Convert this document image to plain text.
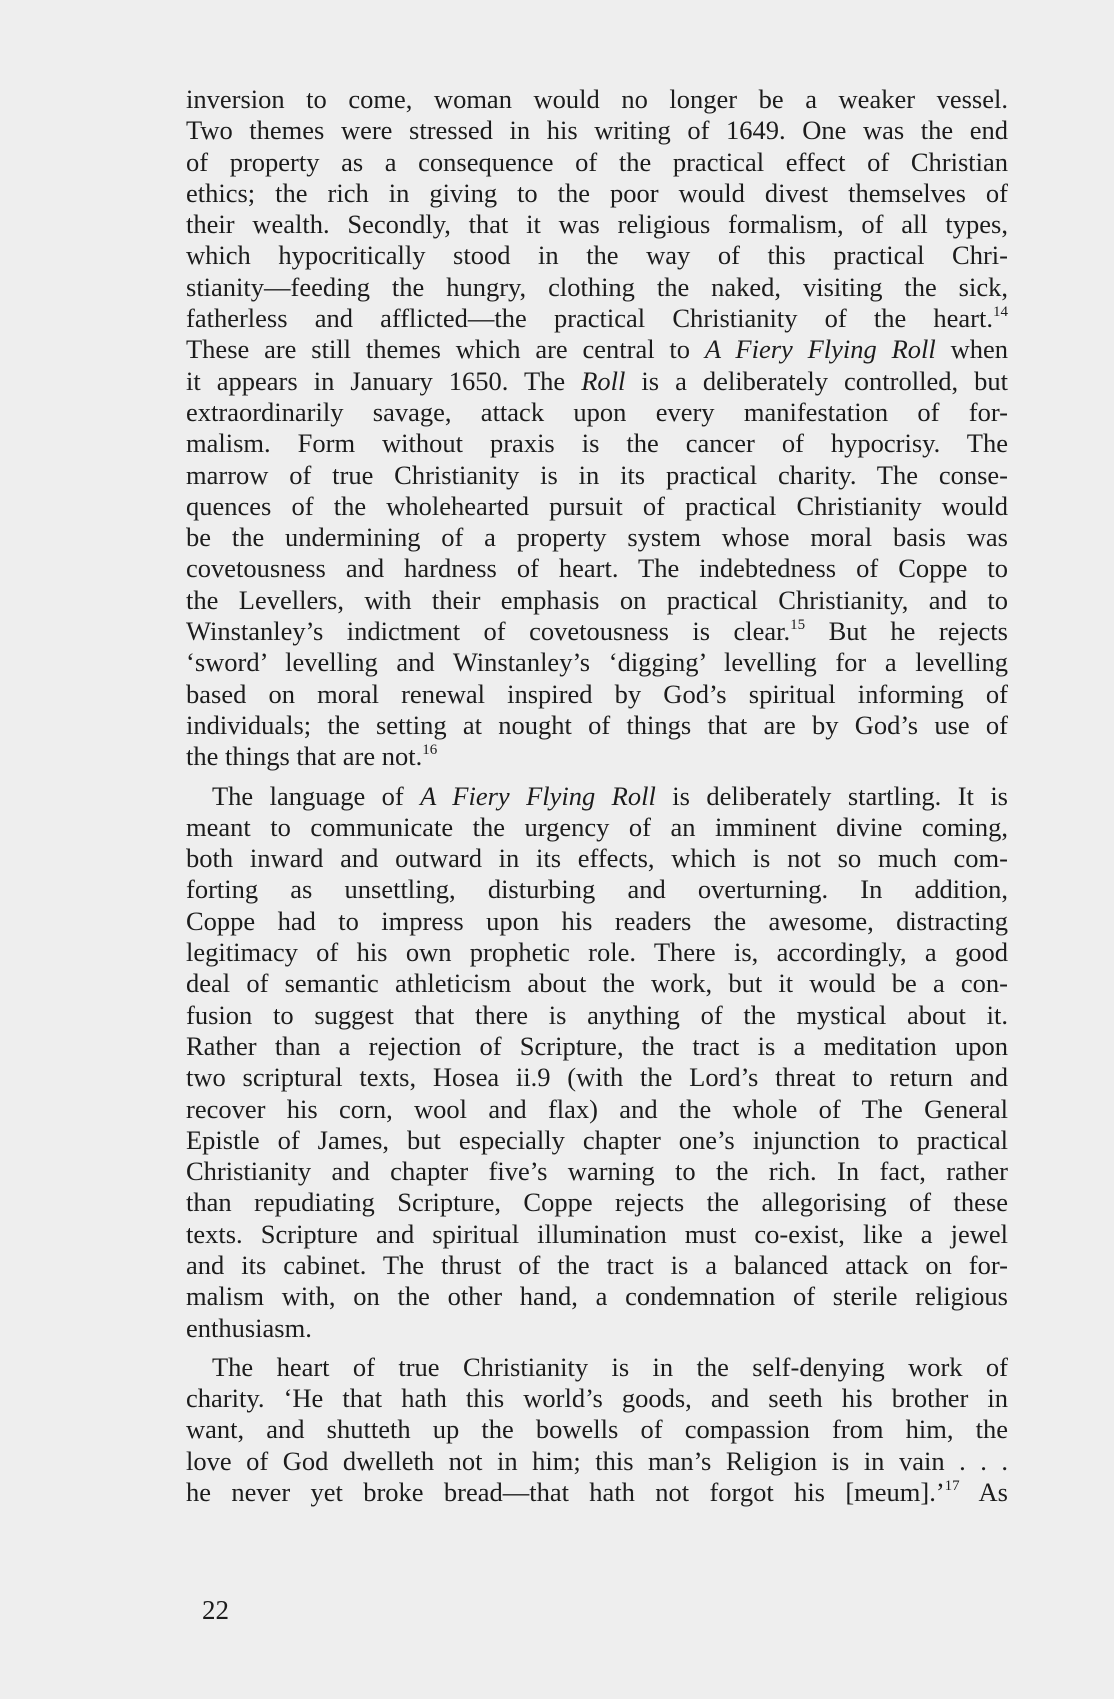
inversion to come, woman would no longer be a weaker vessel.
Two themes were stressed in his writing of 1649. One was the end
of property as a consequence of the practical effect of Christian
ethics; the rich in giving to the poor would divest themselves of
their wealth. Secondly, that it was religious formalism, of all types,
which hypocritically stood in the way of this practical Chri-
stianity—feeding the hungry, clothing the naked, visiting the sick,
fatherless and afflicted—the practical Christianity of the heart.$^{14}$
These are still themes which are central to A Fiery Flying Roll when
it appears in January 1650. The Roll is a deliberately controlled, but
extraordinarily savage, attack upon every manifestation of for-
malism. Form without praxis is the cancer of hypocrisy. The
marrow of true Christianity is in its practical charity. The conse-
quences of the wholehearted pursuit of practical Christianity would
be the undermining of a property system whose moral basis was
covetousness and hardness of heart. The indebtedness of Coppe to
the Levellers, with their emphasis on practical Christianity, and to
Winstanley’s indictment of covetousness is clear.$^{15}$ But he rejects
‘sword’ levelling and Winstanley’s ‘digging’ levelling for a levelling
based on moral renewal inspired by God’s spiritual informing of
individuals; the setting at nought of things that are by God’s use of
the things that are not.$^{16}$
The language of A Fiery Flying Roll is deliberately startling. It is
meant to communicate the urgency of an imminent divine coming,
both inward and outward in its effects, which is not so much com-
forting as unsettling, disturbing and overturning. In addition,
Coppe had to impress upon his readers the awesome, distracting
legitimacy of his own prophetic role. There is, accordingly, a good
deal of semantic athleticism about the work, but it would be a con-
fusion to suggest that there is anything of the mystical about it.
Rather than a rejection of Scripture, the tract is a meditation upon
two scriptural texts, Hosea ii.9 (with the Lord’s threat to return and
recover his corn, wool and flax) and the whole of The General
Epistle of James, but especially chapter one’s injunction to practical
Christianity and chapter five’s warning to the rich. In fact, rather
than repudiating Scripture, Coppe rejects the allegorising of these
texts. Scripture and spiritual illumination must co-exist, like a jewel
and its cabinet. The thrust of the tract is a balanced attack on for-
malism with, on the other hand, a condemnation of sterile religious
enthusiasm.
The heart of true Christianity is in the self-denying work of
charity. ‘He that hath this world’s goods, and seeth his brother in
want, and shutteth up the bowells of compassion from him, the
love of God dwelleth not in him; this man’s Religion is in vain . . .
he never yet broke bread—that hath not forgot his [meum].’$^{17}$ As
22
